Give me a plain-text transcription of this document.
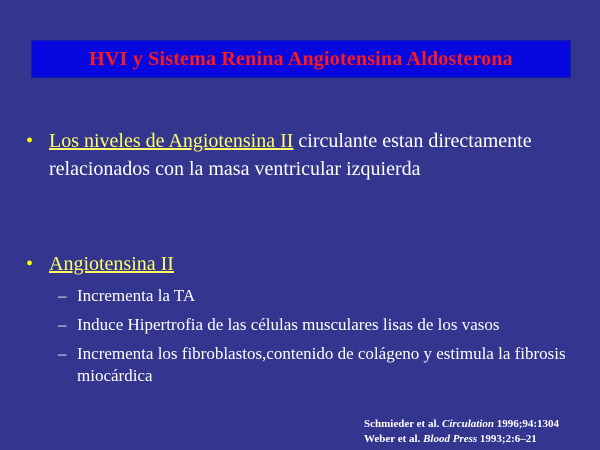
HVI y Sistema Renina Angiotensina Aldosterona
• Los niveles de Angiotensina II circulante estan directamente relacionados con la masa ventricular izquierda
• Angiotensina II
– Incrementa la TA
– Induce Hipertrofia de las células musculares lisas de los vasos
– Incrementa los fibroblastos,contenido de colágeno y estimula la fibrosis miocárdica
Schmieder et al. Circulation 1996;94:1304
Weber et al. Blood Press 1993;2:6–21
